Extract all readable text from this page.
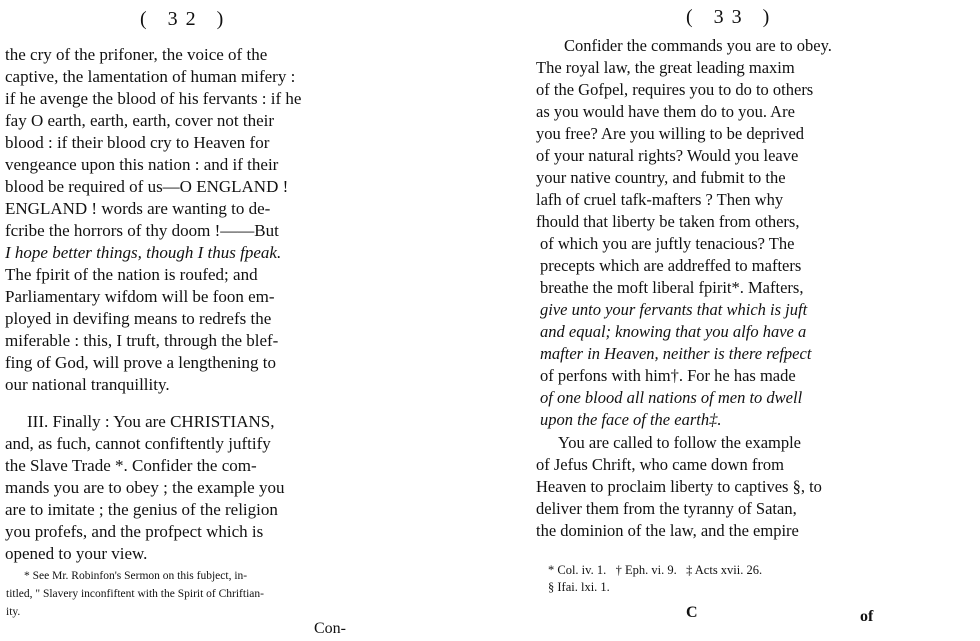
( 32 )
the cry of the prifoner, the voice of the
captive, the lamentation of human mifery :
if he avenge the blood of his fervants : if he
fay O earth, earth, earth, cover not their
blood : if their blood cry to Heaven for
vengeance upon this nation : and if their
blood be required of us—O ENGLAND !
ENGLAND ! words are wanting to de-
fcribe the horrors of thy doom !——But
I hope better things, though I thus fpeak.
The fpirit of the nation is roufed; and
Parliamentary wifdom will be foon em-
ployed in devifing means to redrefs the
miferable : this, I truft, through the blef-
fing of God, will prove a lengthening to
our national tranquillity.
III. Finally : You are CHRISTIANS,
and, as fuch, cannot confiftently juftify
the Slave Trade *. Confider the com-
mands you are to obey ; the example you
are to imitate ; the genius of the religion
you profefs, and the profpect which is
opened to your view.
* See Mr. Robinfon's Sermon on this fubject, in-
titled, " Slavery inconfiftent with the Spirit of Chriftian-
ity.
Con-
( 33 )
Confider the commands you are to obey.
The royal law, the great leading maxim
of the Gofpel, requires you to do to others
as you would have them do to you. Are
you free? Are you willing to be deprived
of your natural rights? Would you leave
your native country, and fubmit to the
lafh of cruel tafk-mafters ? Then why
fhould that liberty be taken from others,
of which you are juftly tenacious? The
precepts which are addreffed to mafters
breathe the moft liberal fpirit*. Mafters,
give unto your fervants that which is juft
and equal; knowing that you alfo have a
mafter in Heaven, neither is there refpect
of perfons with him†. For he has made
of one blood all nations of men to dwell
upon the face of the earth‡.
You are called to follow the example
of Jefus Chrift, who came down from
Heaven to proclaim liberty to captives §, to
deliver them from the tyranny of Satan,
the dominion of the law, and the empire
* Col. iv. 1.   † Eph. vi. 9.   ‡ Acts xvii. 26.
§ Ifai. lxi. 1.
C	of
